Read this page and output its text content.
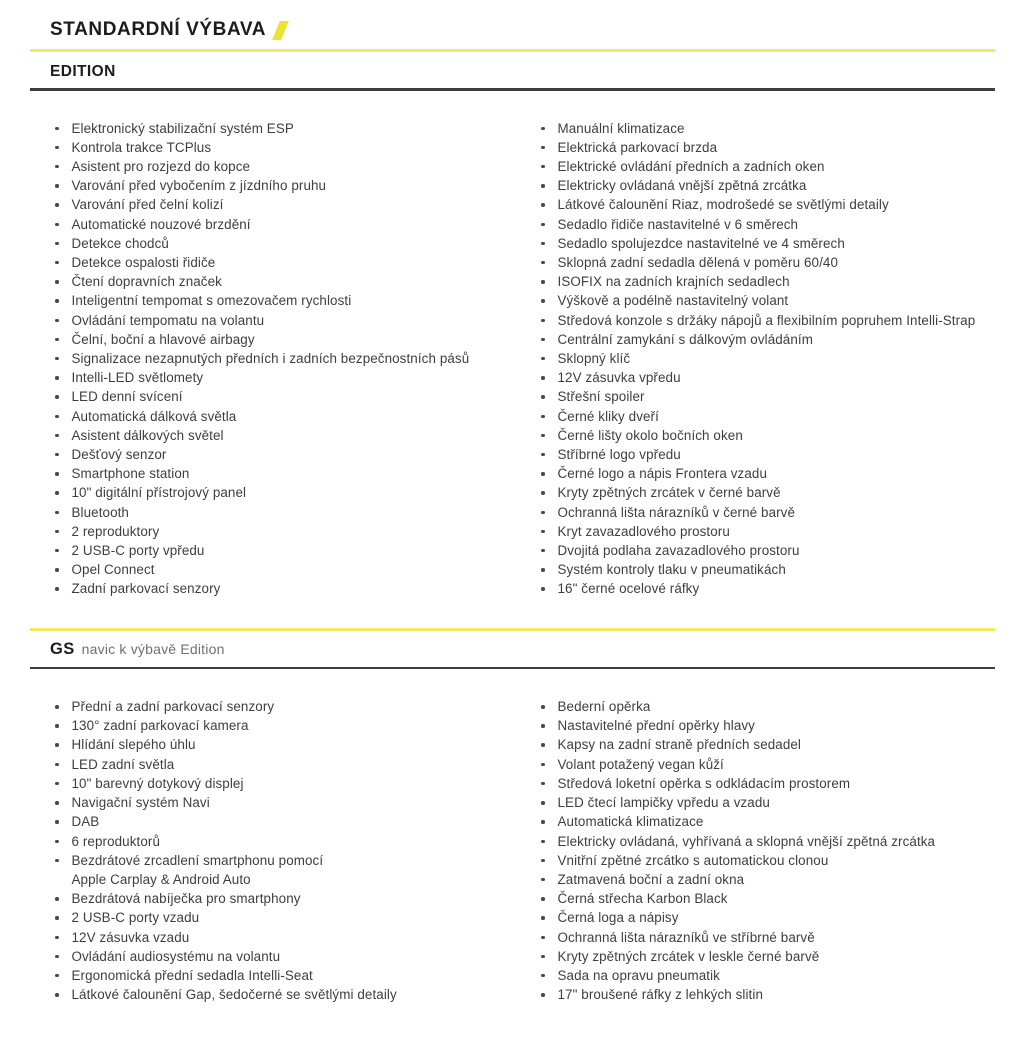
STANDARDNÍ VÝBAVA
EDITION
Elektronický stabilizační systém ESP
Kontrola trakce TCPlus
Asistent pro rozjezd do kopce
Varování před vybočením z jízdního pruhu
Varování před čelní kolizí
Automatické nouzové brzdění
Detekce chodců
Detekce ospalosti řidiče
Čtení dopravních značek
Inteligentní tempomat s omezovačem rychlosti
Ovládání tempomatu na volantu
Čelní, boční a hlavové airbagy
Signalizace nezapnutých předních i zadních bezpečnostních pásů
Intelli-LED světlomety
LED denní svícení
Automatická dálková světla
Asistent dálkových světel
Dešťový senzor
Smartphone station
10" digitální přístrojový panel
Bluetooth
2 reproduktory
2 USB-C porty vpředu
Opel Connect
Zadní parkovací senzory
Manuální klimatizace
Elektrická parkovací brzda
Elektrické ovládání předních a zadních oken
Elektricky ovládaná vnější zpětná zrcátka
Látkové čalounění Riaz, modrošedé se světlými detaily
Sedadlo řidiče nastavitelné v 6 směrech
Sedadlo spolujezdce nastavitelné ve 4 směrech
Sklopná zadní sedadla dělená v poměru 60/40
ISOFIX na zadních krajních sedadlech
Výškově a podélně nastavitelný volant
Středová konzole s držáky nápojů a flexibilním popruhem Intelli-Strap
Centrální zamykání s dálkovým ovládáním
Sklopný klíč
12V zásuvka vpředu
Střešní spoiler
Černé kliky dveří
Černé lišty okolo bočních oken
Stříbrné logo vpředu
Černé logo a nápis Frontera vzadu
Kryty zpětných zrcátek v černé barvě
Ochranná lišta nárazníků v černé barvě
Kryt zavazadlového prostoru
Dvojitá podlaha zavazadlového prostoru
Systém kontroly tlaku v pneumatikách
16" černé ocelové ráfky
GS navic k výbavě Edition
Přední a zadní parkovací senzory
130° zadní parkovací kamera
Hlídání slepého úhlu
LED zadní světla
10" barevný dotykový displej
Navigační systém Navi
DAB
6 reproduktorů
Bezdrátové zrcadlení smartphonu pomocí
Apple Carplay & Android Auto
Bezdrátová nabíječka pro smartphony
2 USB-C porty vzadu
12V zásuvka vzadu
Ovládání audiosystému na volantu
Ergonomická přední sedadla Intelli-Seat
Látkové čalounění Gap, šedočerné se světlými detaily
Bederní opěrka
Nastavitelné přední opěrky hlavy
Kapsy na zadní straně předních sedadel
Volant potažený vegan kůží
Středová loketní opěrka s odkládacím prostorem
LED čtecí lampičky vpředu a vzadu
Automatická klimatizace
Elektricky ovládaná, vyhřívaná a sklopná vnější zpětná zrcátka
Vnitřní zpětné zrcátko s automatickou clonou
Zatmavená boční a zadní okna
Černá střecha Karbon Black
Černá loga a nápisy
Ochranná lišta nárazníků ve stříbrné barvě
Kryty zpětných zrcátek v leskle černé barvě
Sada na opravu pneumatik
17" broušené ráfky z lehkých slitin
